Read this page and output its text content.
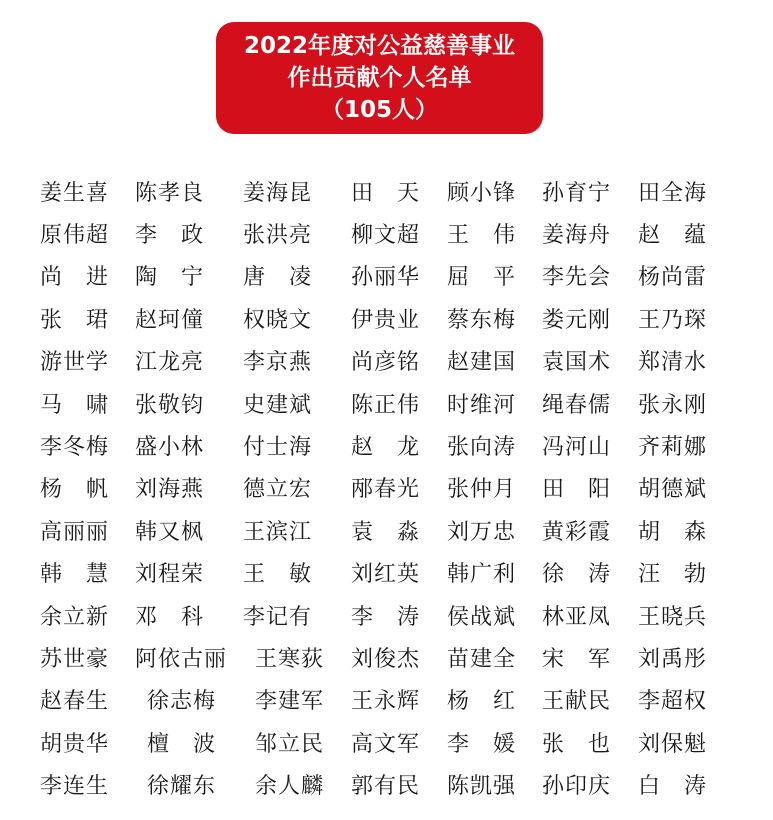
2022年度对公益慈善事业
作出贡献个人名单
（105人）
姜生喜	陈孝良	姜海昆	田　天	顾小锋	孙育宁	田全海
原伟超	李　政	张洪亮	柳文超	王　伟	姜海舟	赵　蕴
尚　进	陶　宁	唐　凌	孙丽华	屈　平	李先会	杨尚雷
张　珺	赵珂僮	权晓文	伊贵业	蔡东梅	娄元刚	王乃琛
游世学	江龙亮	李京燕	尚彦铭	赵建国	袁国术	郑清水
马　啸	张敬钧	史建斌	陈正伟	时维河	绳春儒	张永刚
李冬梅	盛小林	付士海	赵　龙	张向涛	冯河山	齐莉娜
杨　帆	刘海燕	德立宏	邴春光	张仲月	田　阳	胡德斌
高丽丽	韩又枫	王滨江	袁　淼	刘万忠	黄彩霞	胡　森
韩　慧	刘程荣	王　敏	刘红英	韩广利	徐　涛	汪　勃
余立新	邓　科	李记有	李　涛	侯战斌	林亚凤	王晓兵
苏世豪	阿依古丽	王寒荻	刘俊杰	苗建全	宋　军	刘禹彤
赵春生	徐志梅	李建军	王永辉	杨　红	王献民	李超权
胡贵华	檀　波	邹立民	高文军	李　媛	张　也	刘保魁
李连生	徐耀东	余人麟	郭有民	陈凯强	孙印庆	白　涛
